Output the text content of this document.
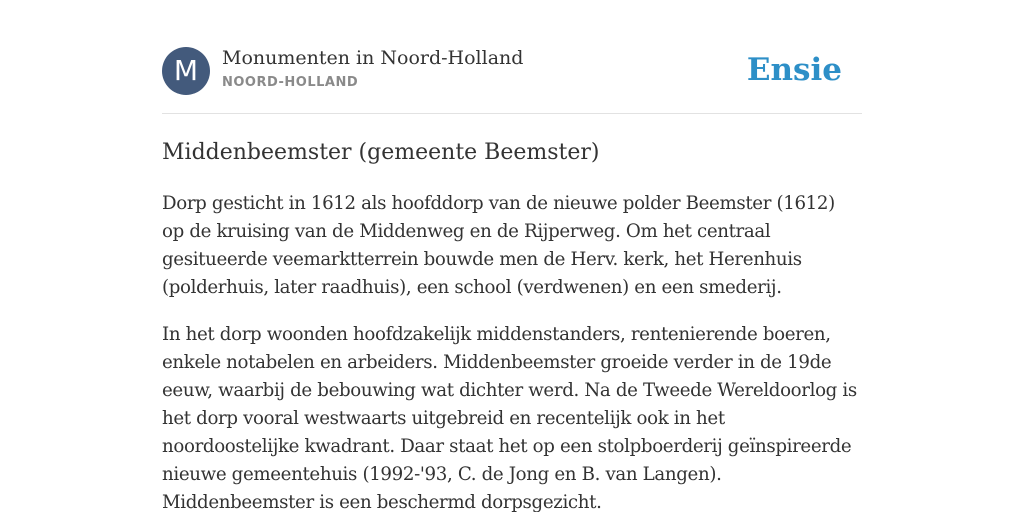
M	Monumenten in Noord-Holland
NOORD-HOLLAND	Ensie
Middenbeemster (gemeente Beemster)

Dorp gesticht in 1612 als hoofddorp van de nieuwe polder Beemster (1612) op de kruising van de Middenweg en de Rijperweg. Om het centraal gesitueerde veemarktterrein bouwde men de Herv. kerk, het Herenhuis (polderhuis, later raadhuis), een school (verdwenen) en een smederij.

In het dorp woonden hoofdzakelijk middenstanders, rentenierende boeren, enkele notabelen en arbeiders. Middenbeemster groeide verder in de 19de eeuw, waarbij de bebouwing wat dichter werd. Na de Tweede Wereldoorlog is het dorp vooral westwaarts uitgebreid en recentelijk ook in het noordoostelijke kwadrant. Daar staat het op een stolpboerderij geïnspireerde nieuwe gemeentehuis (1992-'93, C. de Jong en B. van Langen). Middenbeemster is een beschermd dorpsgezicht.
